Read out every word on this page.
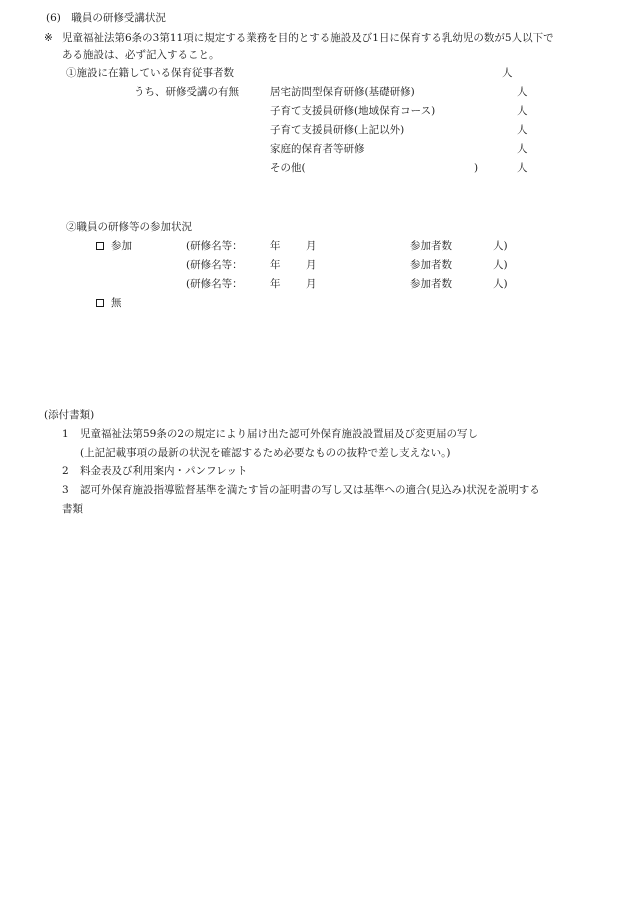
(6)　職員の研修受講状況
※ 児童福祉法第6条の3第11項に規定する業務を目的とする施設及び1日に保育する乳幼児の数が5人以下で
ある施設は、必ず記入すること。
①施設に在籍している保育従事者数	人
うち、研修受講の有無	居宅訪問型保育研修(基礎研修)	人
子育て支援員研修(地域保育コース)	人
子育て支援員研修(上記以外)	人
家庭的保育者等研修	人
その他(	)	人
②職員の研修等の参加状況
参加	(研修名等：	年 月	参加者数	人)
(研修名等：	年 月	参加者数	人)
(研修名等：	年 月	参加者数	人)
無
(添付書類)
1 児童福祉法第59条の2の規定により届け出た認可外保育施設設置届及び変更届の写し
(上記記載事項の最新の状況を確認するため必要なものの抜粋で差し支えない。)
2 料金表及び利用案内・パンフレット
3 認可外保育施設指導監督基準を満たす旨の証明書の写し又は基準への適合(見込み)状況を説明する
書類
